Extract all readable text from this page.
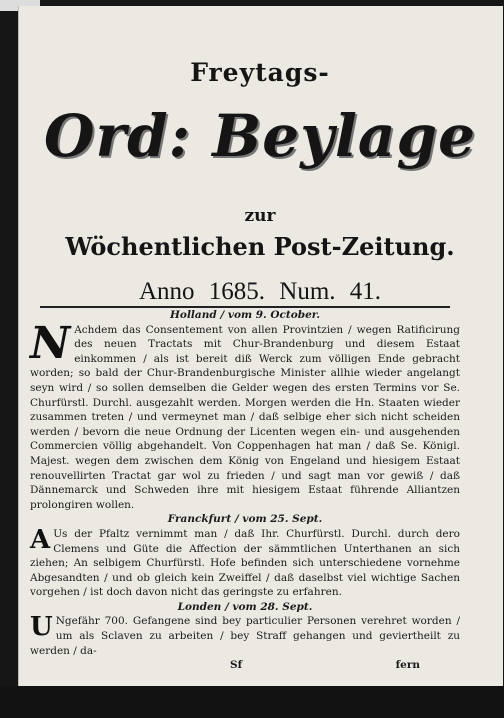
Freytags-
Ord: Beylage
zur
Wöchentlichen Post-Zeitung.
Anno 1685. Num. 41.
Holland / vom 9. October.

N Achdem das Consentement von allen Provintzien / wegen Ratificirung des neuen Tractats mit Chur-Brandenburg und diesem Estaat einkommen / als ist bereit diß Werck zum völligen Ende gebracht worden; so bald der Chur-Brandenburgische Minister allhie wieder angelangt seyn wird / so sollen demselben die Gelder wegen des ersten Termins vor Se. Churfürstl. Durchl. ausgezahlt werden. Morgen werden die Hn. Staaten wieder zusammen treten / und vermeynet man / daß selbige eher sich nicht scheiden werden / bevorn die neue Ordnung der Licenten wegen ein- und ausgehenden Commercien völlig abgehandelt. Von Coppenhagen hat man / daß Se. Königl. Majest. wegen dem zwischen dem König von Engeland und hiesigem Estaat renouvellirten Tractat gar wol zu frieden / und sagt man vor gewiß / daß Dännemarck und Schweden ihre mit hiesigem Estaat führende Alliantzen prolongiren wollen.

Franckfurt / vom 25. Sept.

A Us der Pfaltz vernimmt man / daß Ihr. Churfürstl. Durchl. durch dero Clemens und Güte die Affection der sämmtlichen Unterthanen an sich ziehen; An selbigem Churfürstl. Hofe befinden sich unterschiedene vornehme Abgesandten / und ob gleich kein Zweiffel / daß daselbst viel wichtige Sachen vorgehen / ist doch davon nicht das geringste zu erfahren.

Londen / vom 28. Sept.

U Ngefähr 700. Gefangene sind bey particulier Personen verehret worden / um als Sclaven zu arbeiten / bey Straff gehangen und geviertheilt zu werden / da-

Sf	fern
